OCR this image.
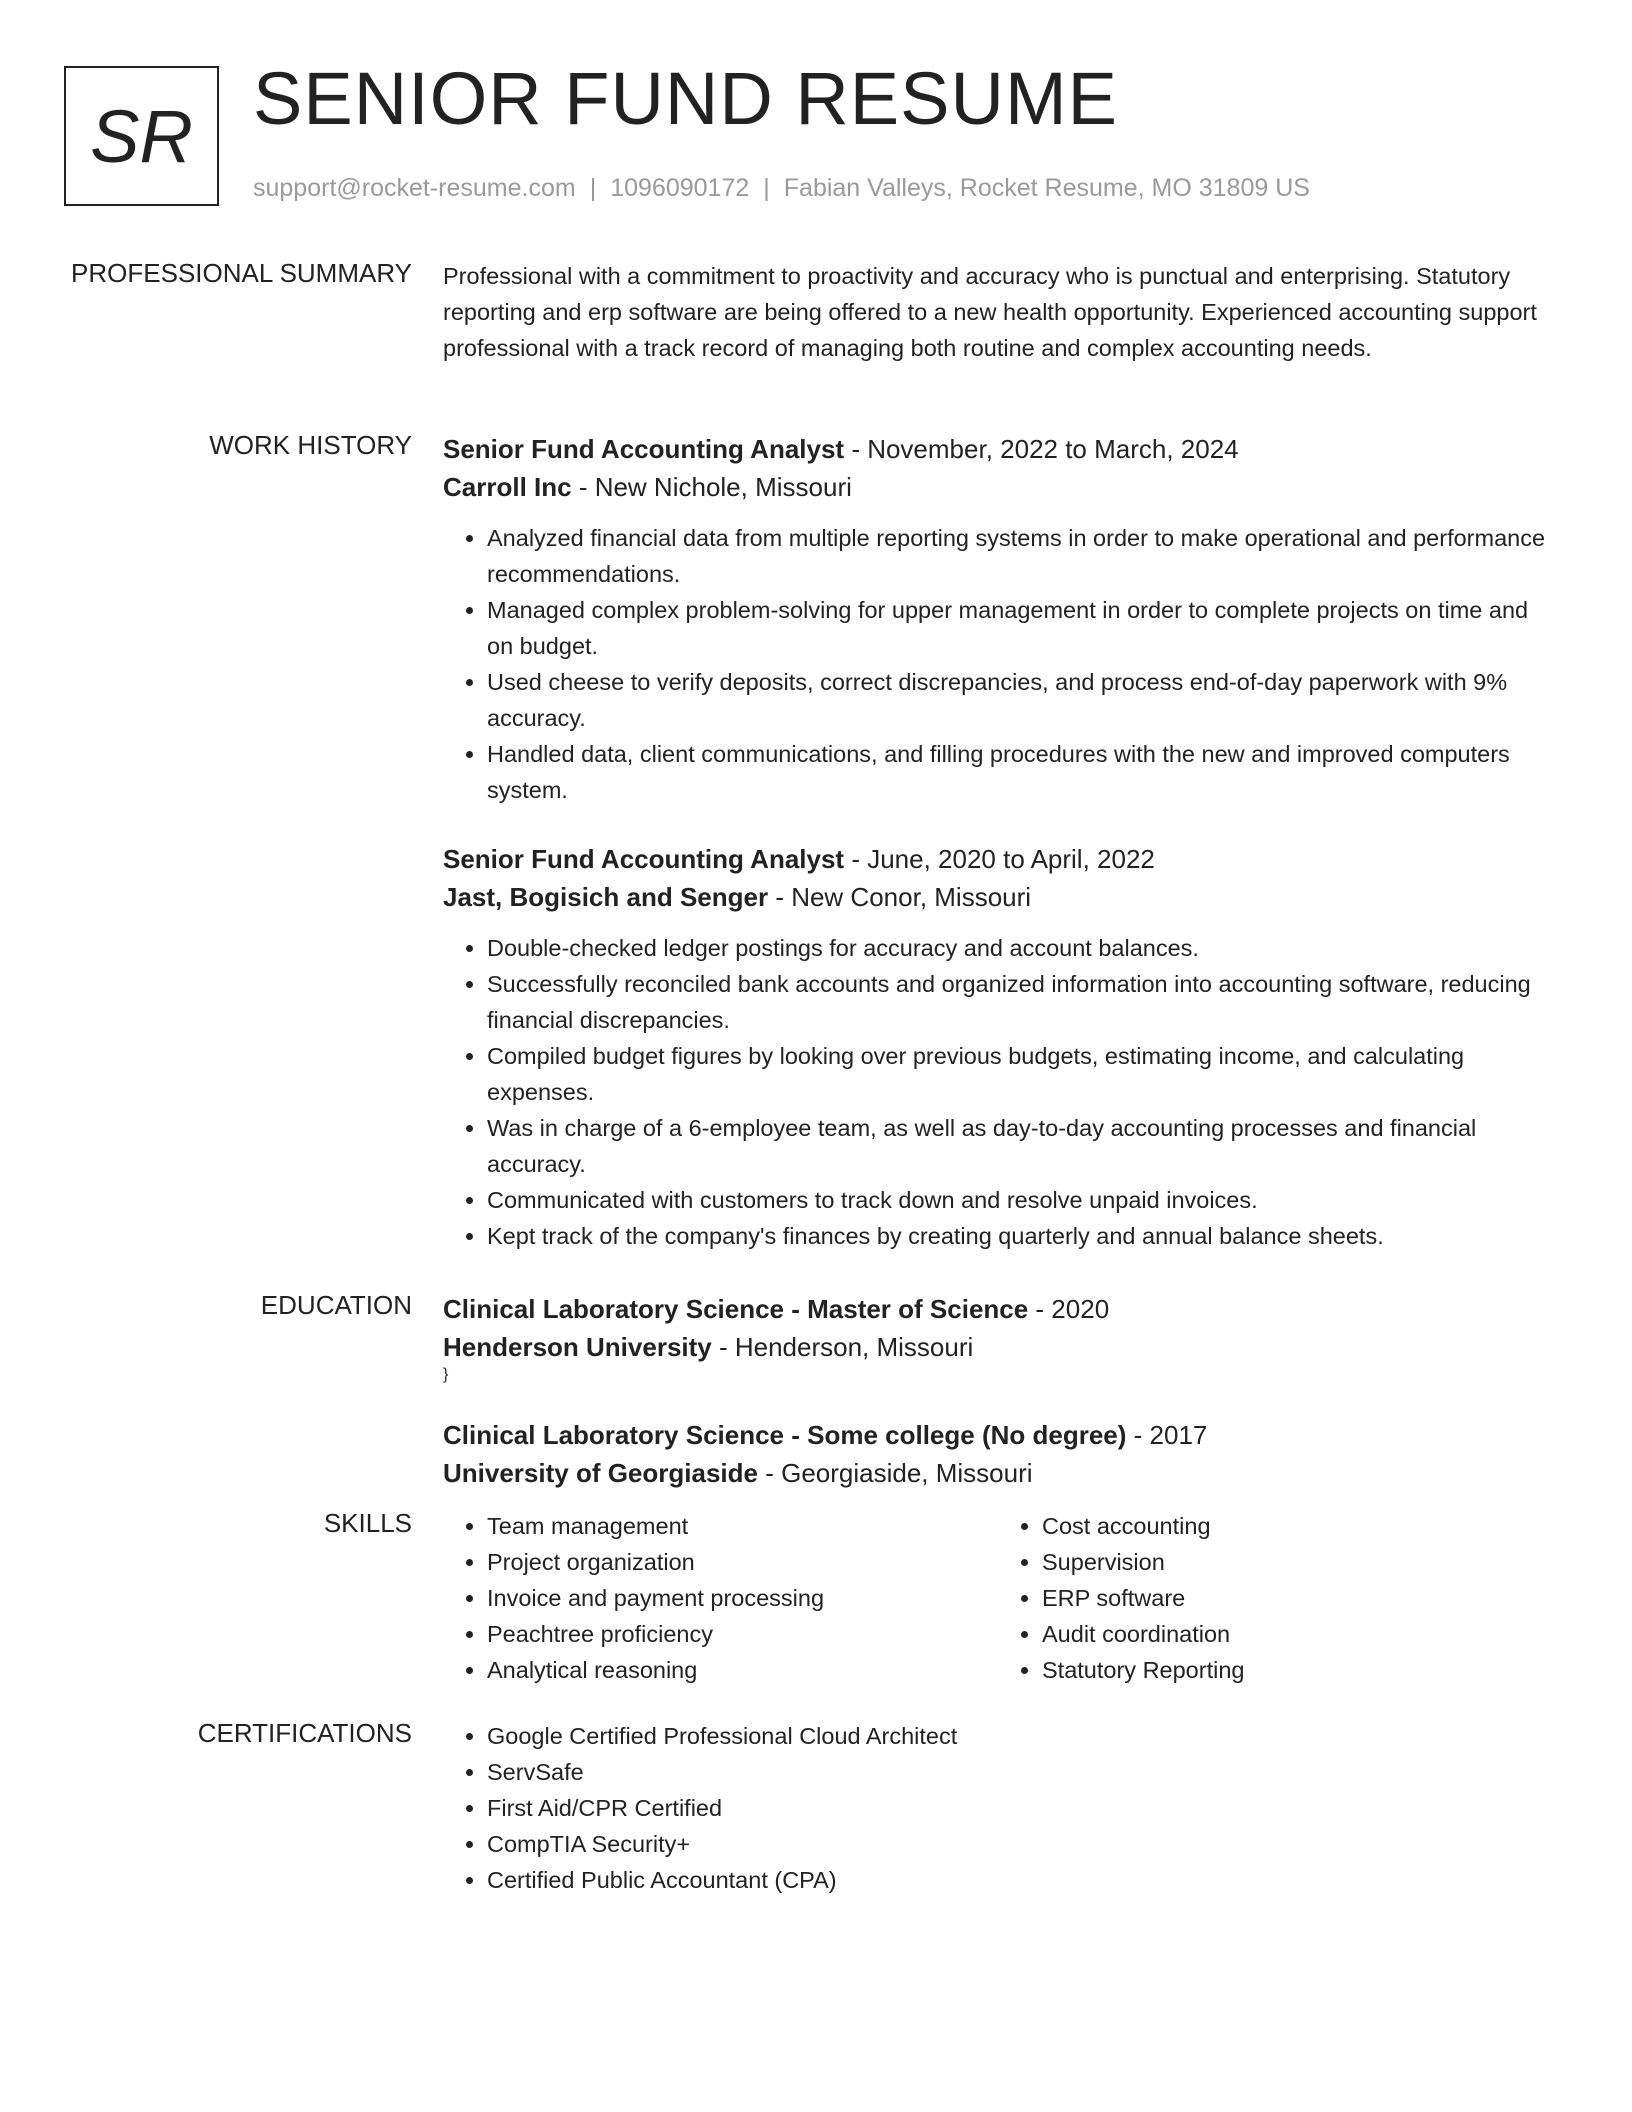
SR SENIOR FUND RESUME
support@rocket-resume.com | 1096090172 | Fabian Valleys, Rocket Resume, MO 31809 US
PROFESSIONAL SUMMARY Professional with a commitment to proactivity and accuracy who is punctual and enterprising. Statutory reporting and erp software are being offered to a new health opportunity. Experienced accounting support professional with a track record of managing both routine and complex accounting needs.

WORK HISTORY Senior Fund Accounting Analyst - November, 2022 to March, 2024
Carroll Inc - New Nichole, Missouri
• Analyzed financial data from multiple reporting systems in order to make operational and performance recommendations.
• Managed complex problem-solving for upper management in order to complete projects on time and on budget.
• Used cheese to verify deposits, correct discrepancies, and process end-of-day paperwork with 9% accuracy.
• Handled data, client communications, and filling procedures with the new and improved computers system.
Senior Fund Accounting Analyst - June, 2020 to April, 2022
Jast, Bogisich and Senger - New Conor, Missouri
• Double-checked ledger postings for accuracy and account balances.
• Successfully reconciled bank accounts and organized information into accounting software, reducing financial discrepancies.
• Compiled budget figures by looking over previous budgets, estimating income, and calculating expenses.
• Was in charge of a 6-employee team, as well as day-to-day accounting processes and financial accuracy.
• Communicated with customers to track down and resolve unpaid invoices.
• Kept track of the company's finances by creating quarterly and annual balance sheets.
EDUCATION Clinical Laboratory Science - Master of Science - 2020
Henderson University - Henderson, Missouri
}
Clinical Laboratory Science - Some college (No degree) - 2017
University of Georgiaside - Georgiaside, Missouri
SKILLS	• Team management
• Project organization
• Invoice and payment processing
• Peachtree proficiency
• Analytical reasoning
• Cost accounting
• Supervision
• ERP software
• Audit coordination
• Statutory Reporting
CERTIFICATIONS	• Google Certified Professional Cloud Architect
• ServSafe
• First Aid/CPR Certified
• CompTIA Security+
• Certified Public Accountant (CPA)
